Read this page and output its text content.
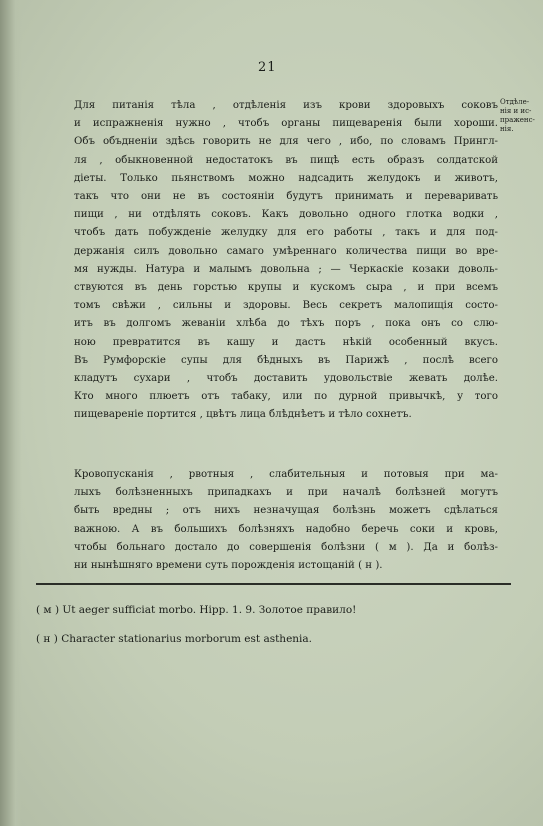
21
Отдѣле-
нія и ис-
праженс-
нія.
Для питанія тѣла , отдѣленія изъ крови здоровыхъ соковъ
и испражненія нужно , чтобъ органы пищеваренія были хороши.
Объ объдненіи здѣсь говорить не для чего , ибо, по словамъ Прингл-
ля , обыкновенной недостатокъ въ пищѣ есть образъ солдатской
діеты. Только пьянствомъ можно надсадить желудокъ и животъ,
такъ что они не въ состояніи будутъ принимать и переваривать
пищи , ни отдѣлять соковъ. Какъ довольно одного глотка водки ,
чтобъ дать побужденіе желудку для его работы , такъ и для под-
держанія силъ довольно самаго умѣреннаго количества пищи во вре-
мя нужды. Натура и малымъ довольна ; — Черкаскіе козаки доволь-
ствуются въ день горстью крупы и кускомъ сыра , и при всемъ
томъ свѣжи , сильны и здоровы. Весь секретъ малопищія состо-
итъ въ долгомъ жеваніи хлѣба до тѣхъ поръ , пока онъ со слю-
ною превратится въ кашу и дастъ нѣкій особенный вкусъ.
Въ Румфорскіе супы для бѣдныхъ въ Парижѣ , послѣ всего
кладутъ сухари , чтобъ доставить удовольствіе жевать долѣе.
Кто много плюетъ отъ табаку, или по дурной привычкѣ, у того
пищевареніе портится , цвѣтъ лица блѣднѣетъ и тѣло сохнетъ.
Кровопусканія , рвотныя , слабительныя и потовыя при ма-
лыхъ болѣзненныхъ припадкахъ и при началѣ болѣзней могутъ
быть вредны ; отъ нихъ незначущая болѣзнь можетъ сдѣлаться
важною. А въ большихъ болѣзняхъ надобно беречь соки и кровь,
чтобы больнаго достало до совершенія болѣзни ( м ). Да и болѣз-
ни нынѣшняго времени суть порожденія истощаній ( н ).
( м ) Ut aeger sufficiat morbo. Hipp. 1. 9. Золотое правило!
( н ) Character stationarius morborum est asthenia.
